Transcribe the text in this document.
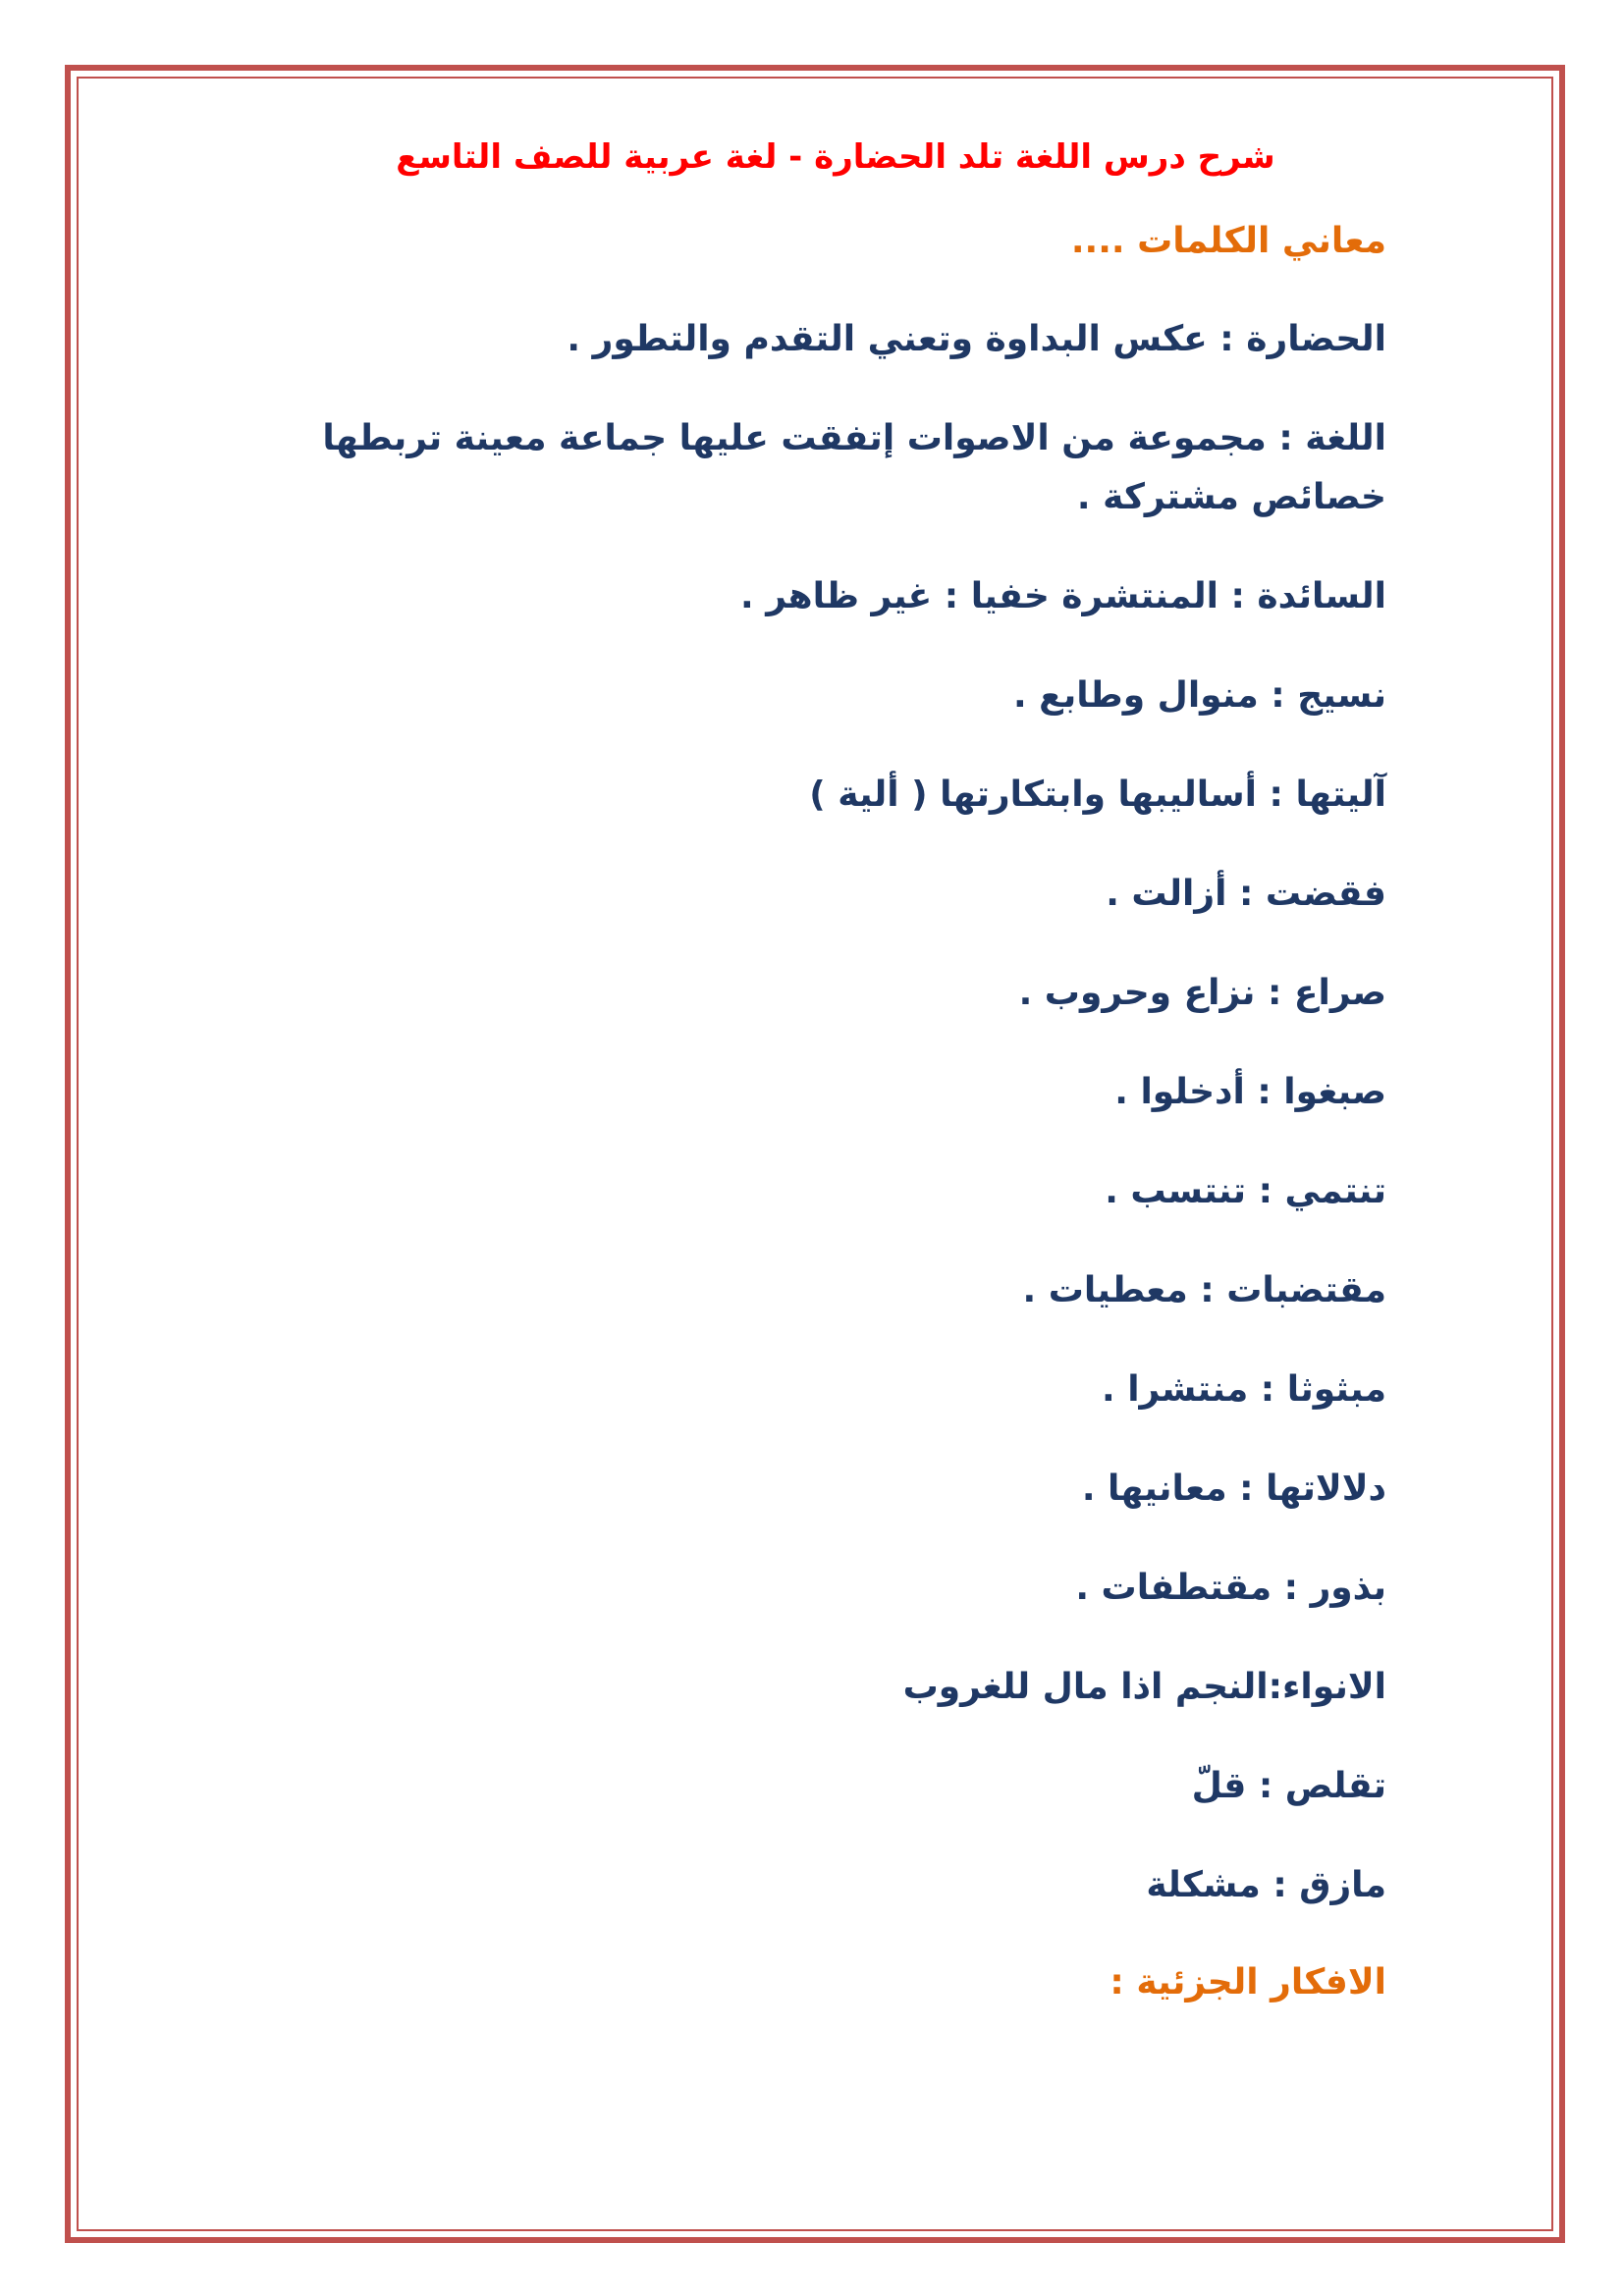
شرح درس اللغة تلد الحضارة - لغة عربية للصف التاسع
معاني الكلمات ....
الحضارة : عكس البداوة وتعني التقدم والتطور .
اللغة : مجموعة من الاصوات إتفقت عليها جماعة معينة تربطها خصائص مشتركة .
السائدة : المنتشرة خفيا : غير ظاهر .
نسيج : منوال وطابع .
آليتها : أساليبها وابتكارتها ( ألية )
فقضت : أزالت .
صراع : نزاع وحروب .
صبغوا : أدخلوا .
تنتمي : تنتسب .
مقتضبات : معطيات .
مبثوثا : منتشرا .
دلالاتها : معانيها .
بذور : مقتطفات .
الانواء:النجم اذا مال للغروب
تقلص : قلّ
مازق : مشكلة
الافكار الجزئية :
